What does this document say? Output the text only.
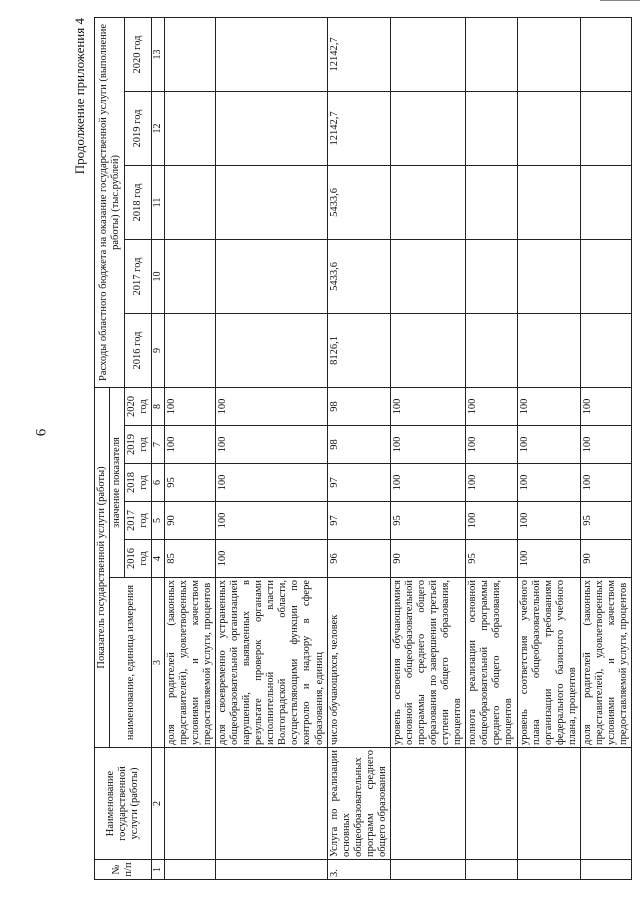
6
Продолжение приложения 4
№ п/п	Наименование государственной услуги (работы)	Показатель государственной услуги (работы)						Расходы областного бюджета на оказание государственной услуги (выполнение работы) (тыс.рублей)				
		наименование, единица измерения	значение показателя									
			2016 год	2017 год	2018 год	2019 год	2020 год	2016 год	2017 год	2018 год	2019 год	2020 год
1	2	3	4	5	6	7	8	9	10	11	12	13
		доля родителей (законных представителей), удовлетворенных условиями и качеством предоставляемой услуги, процентов	85	90	95	100	100					
		доля своевременно устраненных общеобразовательной организацией нарушений, выявленных в результате проверок органами исполнительной власти Волгоградской области, осуществляющими функции по контролю и надзору в сфере образования, единиц	100	100	100	100	100					
3.	Услуга по реализации основных общеобразовательных программ среднего общего образования	число обучающихся, человек	96	97	97	98	98	8126,1	5433,6	5433,6	12142,7	12142,7
		уровень освоения обучающимися основной общеобразовательной программы среднего общего образования по завершении третьей ступени общего образования, процентов	90	95	100	100	100					
		полнота реализации основной общеобразовательной программы среднего общего образования, процентов	95	100	100	100	100					
		уровень соответствия учебного плана общеобразовательной организации требованиям федерального базисного учебного плана, процентов	100	100	100	100	100					
		доля родителей (законных представителей), удовлетворенных условиями и качеством предоставляемой услуги, процентов	90	95	100	100	100					
